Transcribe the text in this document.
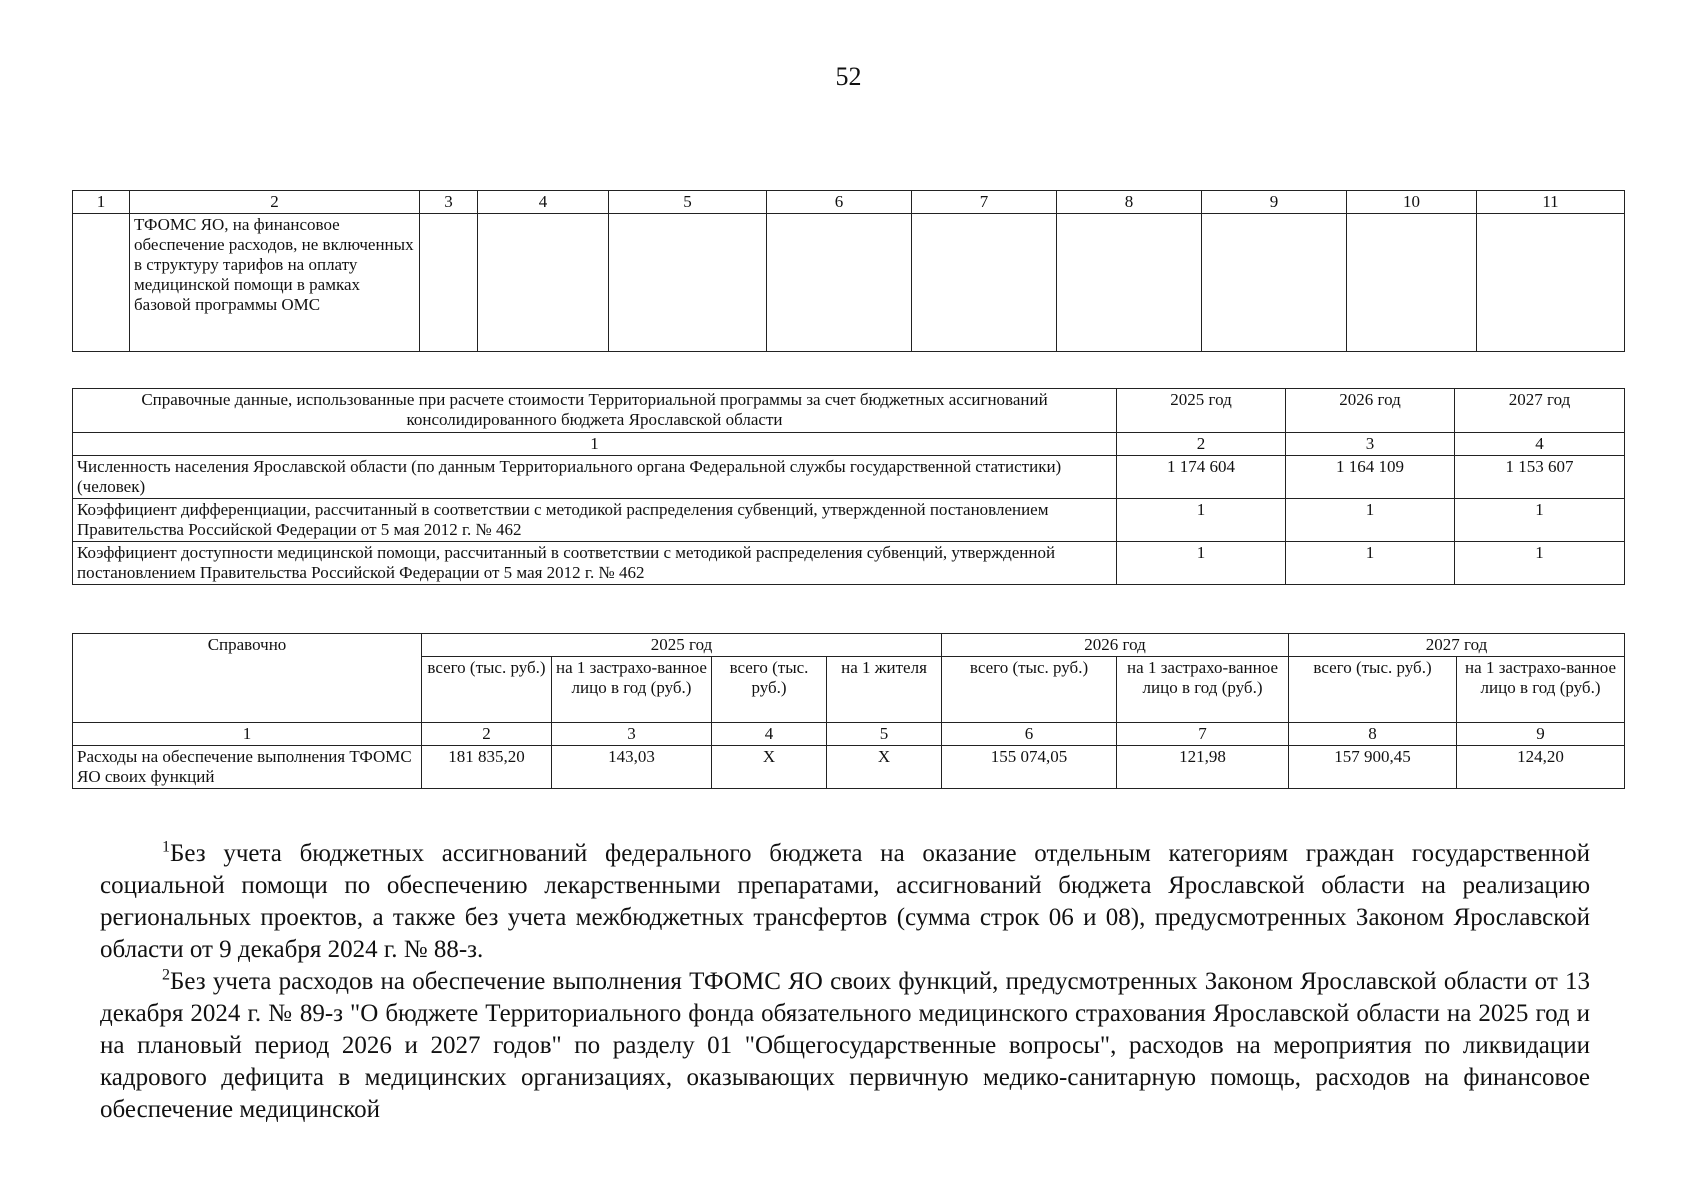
52
1	2	3	4	5	6	7	8	9	10	11
	ТФОМС ЯО, на финансовое обеспечение расходов, не включенных в структуру тарифов на оплату медицинской помощи в рамках базовой программы ОМС									
Справочные данные, использованные при расчете стоимости Территориальной программы за счет бюджетных ассигнований консолидированного бюджета Ярославской области	2025 год	2026 год	2027 год
1	2	3	4
Численность населения Ярославской области (по данным Территориального органа Федеральной службы государственной статистики) (человек)	1 174 604	1 164 109	1 153 607
Коэффициент дифференциации, рассчитанный в соответствии с методикой распределения субвенций, утвержденной постановлением Правительства Российской Федерации от 5 мая 2012 г. № 462	1	1	1
Коэффициент доступности медицинской помощи, рассчитанный в соответствии с методикой распределения субвенций, утвержденной постановлением Правительства Российской Федерации от 5 мая 2012 г. № 462	1	1	1
Справочно	2025 год				2026 год		2027 год	
	всего (тыс. руб.)	на 1 застрахо-ванное лицо в год (руб.)	всего (тыс. руб.)	на 1 жителя	всего (тыс. руб.)	на 1 застрахо-ванное лицо в год (руб.)	всего (тыс. руб.)	на 1 застрахо-ванное лицо в год (руб.)
1	2	3	4	5	6	7	8	9
Расходы на обеспечение выполнения ТФОМС ЯО своих функций	181 835,20	143,03	Х	Х	155 074,05	121,98	157 900,45	124,20

$^1$Без учета бюджетных ассигнований федерального бюджета на оказание отдельным категориям граждан государственной социальной помощи по обеспечению лекарственными препаратами, ассигнований бюджета Ярославской области на реализацию региональных проектов, а также без учета межбюджетных трансфертов (сумма строк 06 и 08), предусмотренных Законом Ярославской области от 9 декабря 2024 г. № 88-з.

$^2$Без учета расходов на обеспечение выполнения ТФОМС ЯО своих функций, предусмотренных Законом Ярославской области от 13 декабря 2024 г. № 89-з "О бюджете Территориального фонда обязательного медицинского страхования Ярославской области на 2025 год и на плановый период 2026 и 2027 годов" по разделу 01 "Общегосударственные вопросы", расходов на мероприятия по ликвидации кадрового дефицита в медицинских организациях, оказывающих первичную медико-санитарную помощь, расходов на финансовое обеспечение медицинской
